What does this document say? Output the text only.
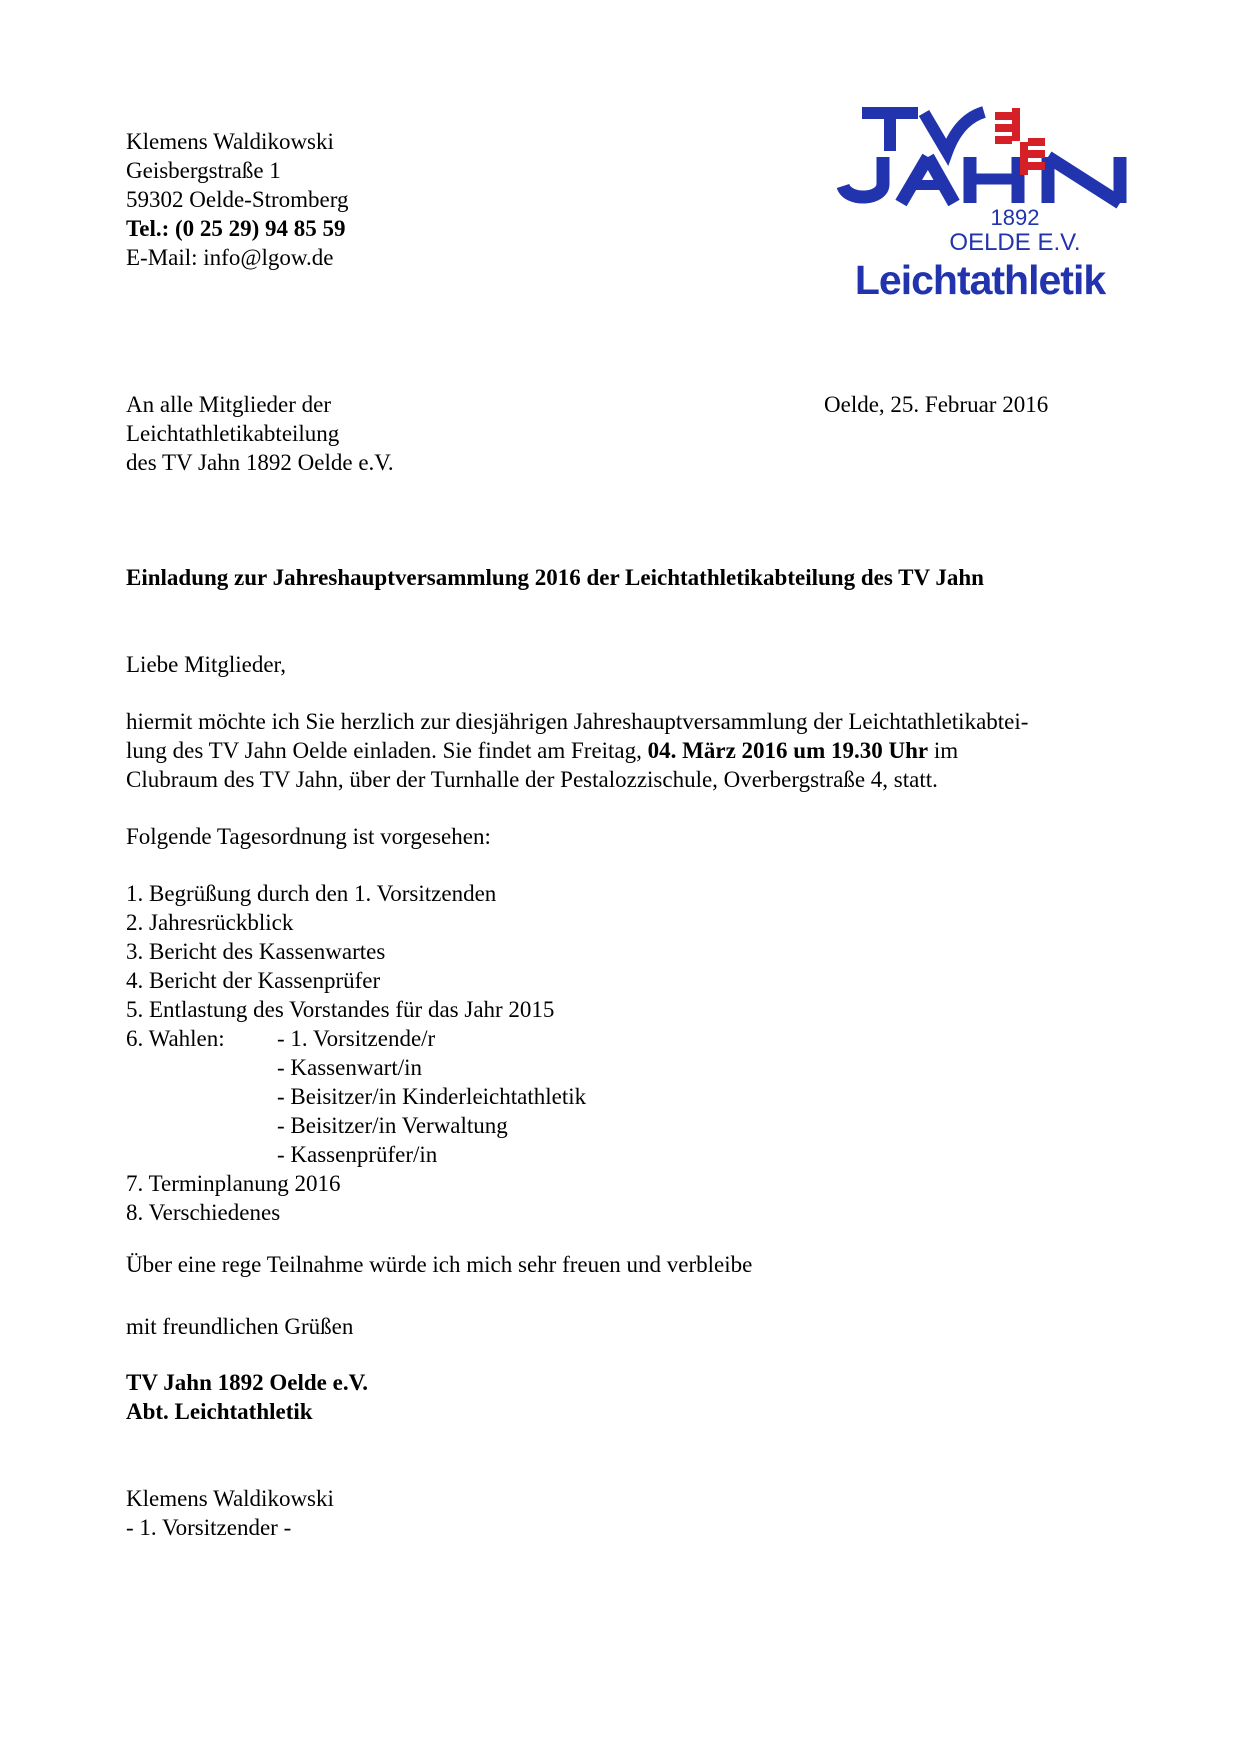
Klemens Waldikowski
Geisbergstraße 1
59302 Oelde-Stromberg
Tel.: (0 25 29) 94 85 59
E-Mail: info@lgow.de
1892
OELDE E.V.
Leichtathletik
An alle Mitglieder der
Leichtathletikabteilung
des TV Jahn 1892 Oelde e.V.
Oelde, 25. Februar 2016
Einladung zur Jahreshauptversammlung 2016 der Leichtathletikabteilung des TV Jahn
Liebe Mitglieder,
hiermit möchte ich Sie herzlich zur diesjährigen Jahreshauptversammlung der Leichtathletikabtei-
lung des TV Jahn Oelde einladen. Sie findet am Freitag, 04. März 2016 um 19.30 Uhr im
Clubraum des TV Jahn, über der Turnhalle der Pestalozzischule, Overbergstraße 4, statt.
Folgende Tagesordnung ist vorgesehen:
1. Begrüßung durch den 1. Vorsitzenden
2. Jahresrückblick
3. Bericht des Kassenwartes
4. Bericht der Kassenprüfer
5. Entlastung des Vorstandes für das Jahr 2015
6. Wahlen: - 1. Vorsitzende/r
- Kassenwart/in
- Beisitzer/in Kinderleichtathletik
- Beisitzer/in Verwaltung
- Kassenprüfer/in
7. Terminplanung 2016
8. Verschiedenes
Über eine rege Teilnahme würde ich mich sehr freuen und verbleibe
mit freundlichen Grüßen
TV Jahn 1892 Oelde e.V.
Abt. Leichtathletik
Klemens Waldikowski
- 1. Vorsitzender -
